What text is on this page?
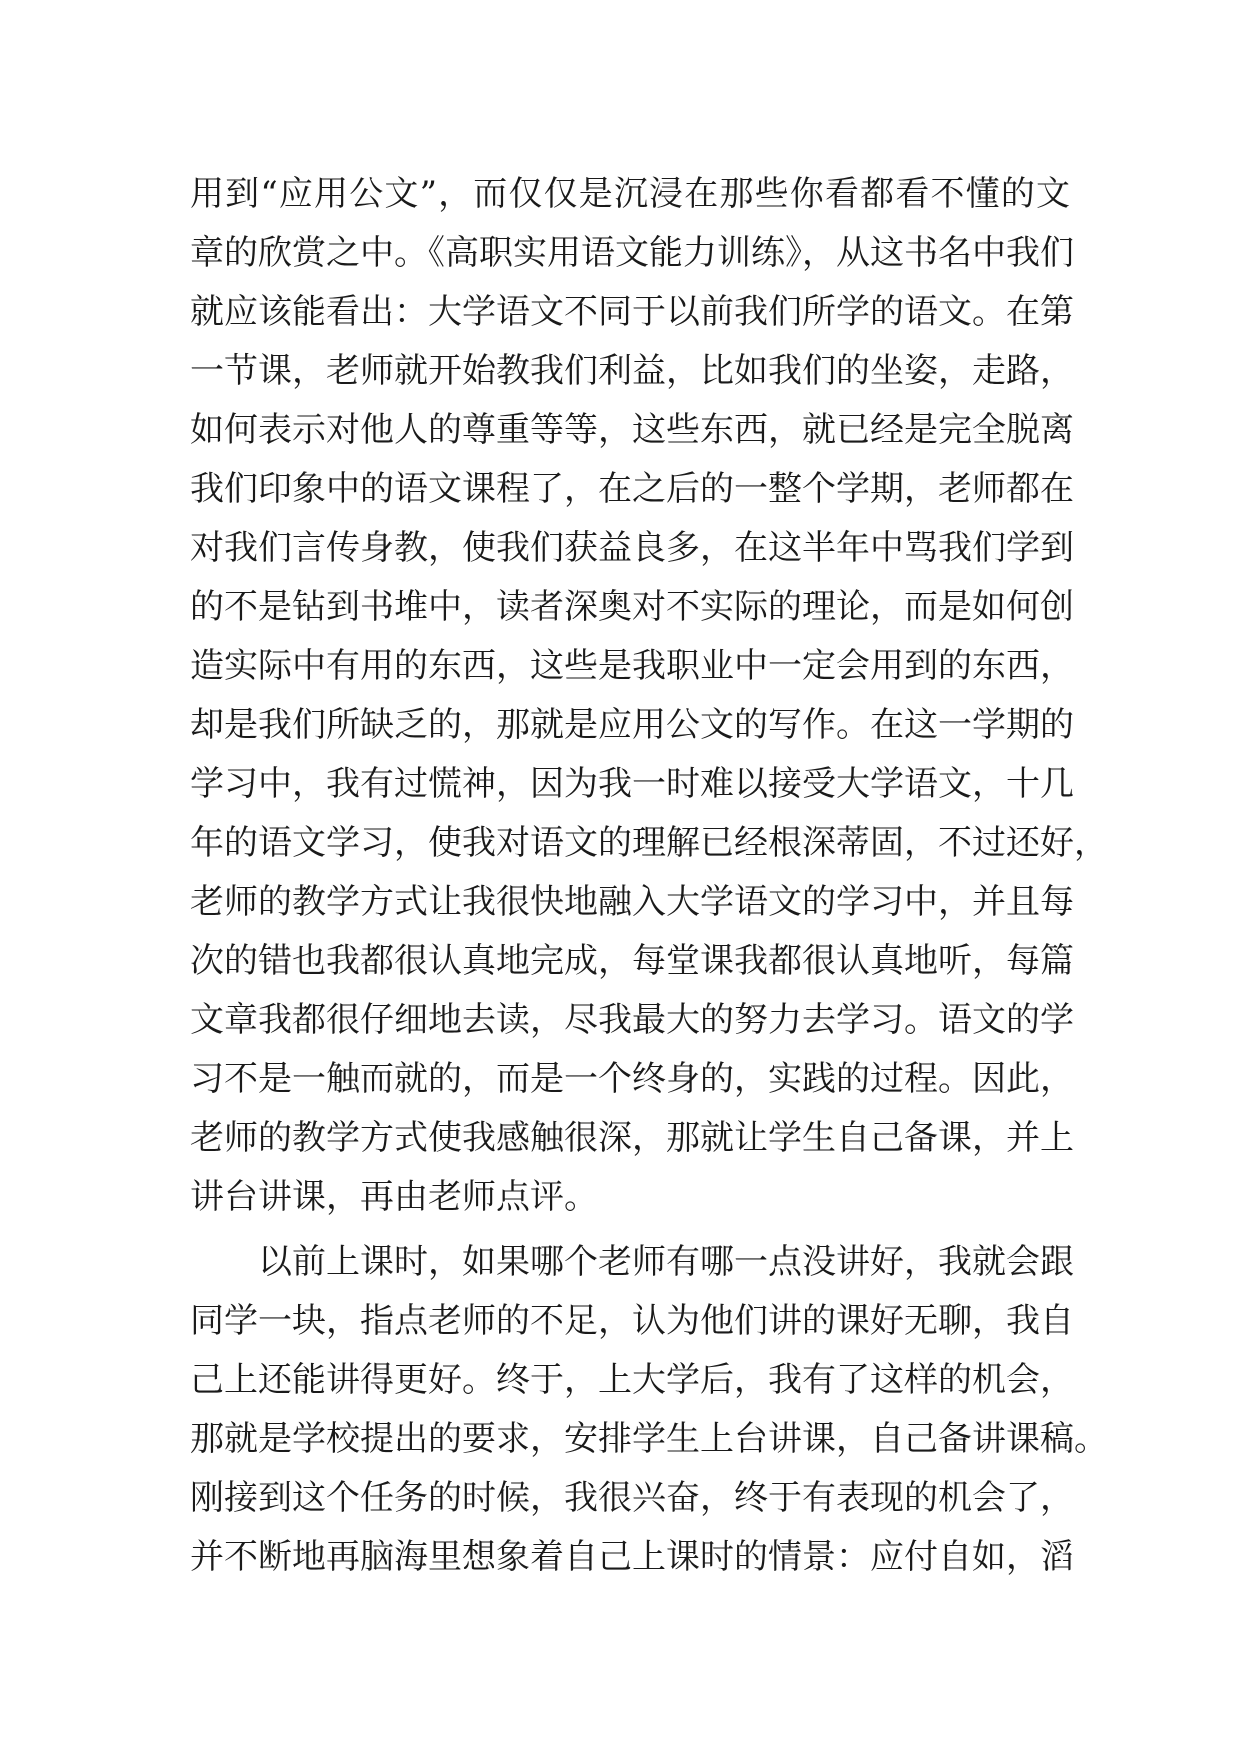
用到“应用公文”，而仅仅是沉浸在那些你看都看不懂的文
章的欣赏之中。《高职实用语文能力训练》，从这书名中我们
就应该能看出：大学语文不同于以前我们所学的语文。在第
一节课，老师就开始教我们利益，比如我们的坐姿，走路，
如何表示对他人的尊重等等，这些东西，就已经是完全脱离
我们印象中的语文课程了，在之后的一整个学期，老师都在
对我们言传身教，使我们获益良多，在这半年中骂我们学到
的不是钻到书堆中，读者深奥对不实际的理论，而是如何创
造实际中有用的东西，这些是我职业中一定会用到的东西，
却是我们所缺乏的，那就是应用公文的写作。在这一学期的
学习中，我有过慌神，因为我一时难以接受大学语文，十几
年的语文学习，使我对语文的理解已经根深蒂固，不过还好，
老师的教学方式让我很快地融入大学语文的学习中，并且每
次的错也我都很认真地完成，每堂课我都很认真地听，每篇
文章我都很仔细地去读，尽我最大的努力去学习。语文的学
习不是一触而就的，而是一个终身的，实践的过程。因此，
老师的教学方式使我感触很深，那就让学生自己备课，并上
讲台讲课，再由老师点评。
以前上课时，如果哪个老师有哪一点没讲好，我就会跟
同学一块，指点老师的不足，认为他们讲的课好无聊，我自
己上还能讲得更好。终于，上大学后，我有了这样的机会，
那就是学校提出的要求，安排学生上台讲课，自己备讲课稿。
刚接到这个任务的时候，我很兴奋，终于有表现的机会了，
并不断地再脑海里想象着自己上课时的情景：应付自如，滔
